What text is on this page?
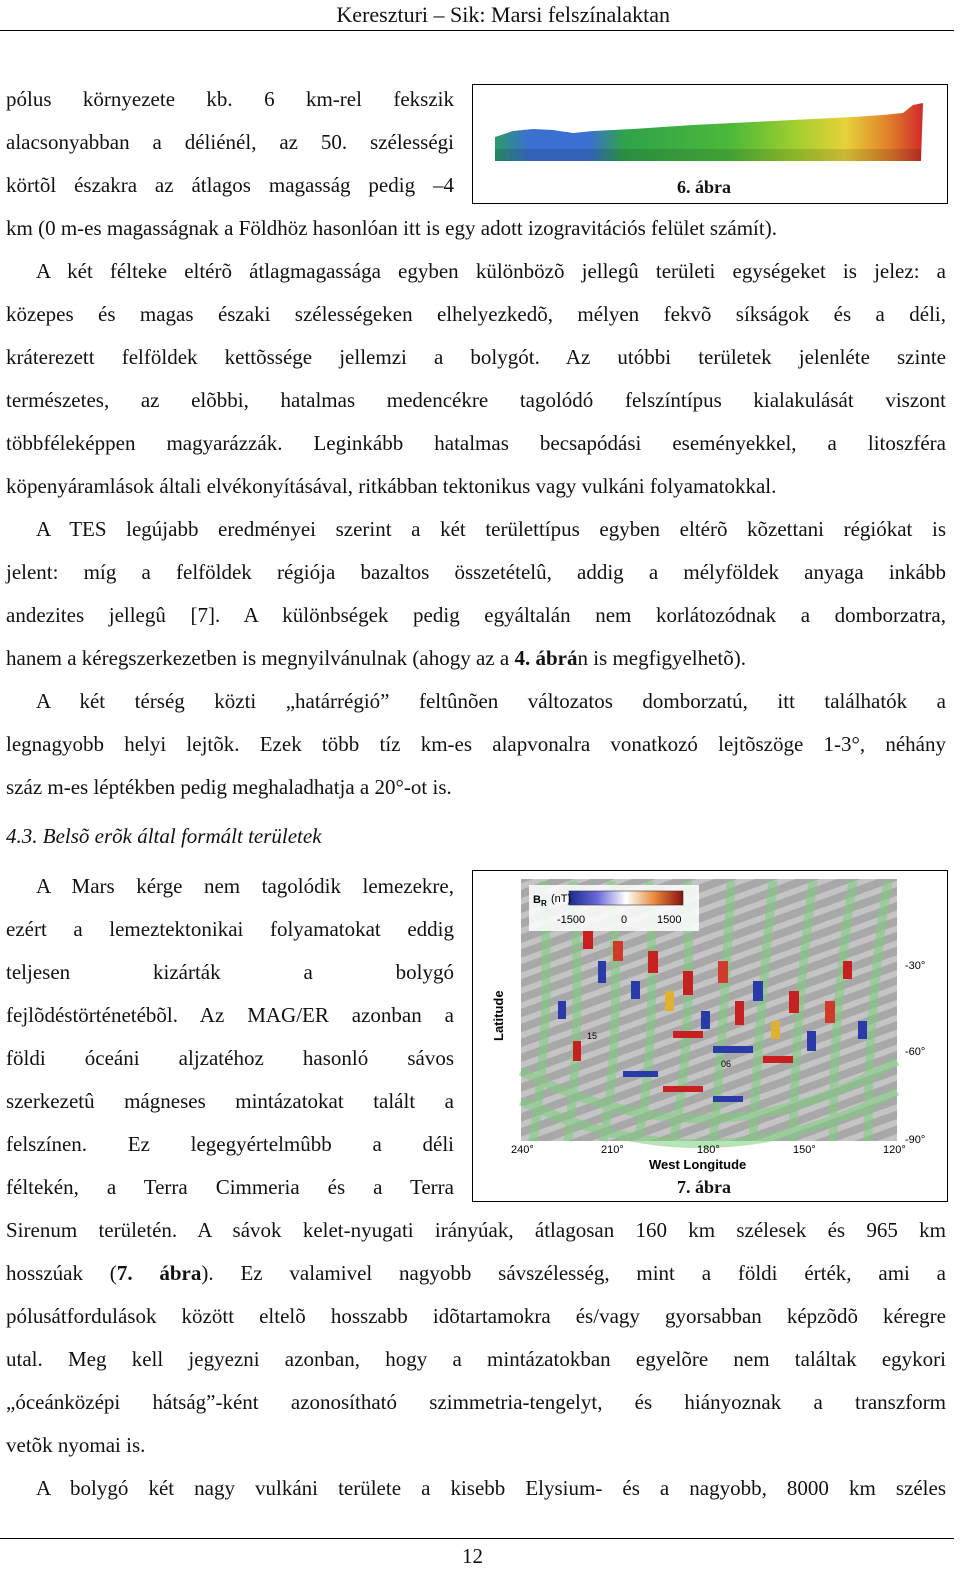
Kereszturi – Sik: Marsi felszínalaktan
6. ábra
pólus környezete kb. 6 km-rel fekszik
alacsonyabban a déliénél, az 50. szélességi
körtõl északra az átlagos magasság pedig –4
km (0 m-es magasságnak a Földhöz hasonlóan itt is egy adott izogravitációs felület számít).
A két félteke eltérõ átlagmagassága egyben különbözõ jellegû területi egységeket is jelez: a
közepes és magas északi szélességeken elhelyezkedõ, mélyen fekvõ síkságok és a déli,
kráterezett felföldek kettõssége jellemzi a bolygót. Az utóbbi területek jelenléte szinte
természetes, az elõbbi, hatalmas medencékre tagolódó felszíntípus kialakulását viszont
többféleképpen magyarázzák. Leginkább hatalmas becsapódási eseményekkel, a litoszféra
köpenyáramlások általi elvékonyításával, ritkábban tektonikus vagy vulkáni folyamatokkal.
A TES legújabb eredményei szerint a két területtípus egyben eltérõ kõzettani régiókat is
jelent: míg a felföldek régiója bazaltos összetételû, addig a mélyföldek anyaga inkább
andezites jellegû [7]. A különbségek pedig egyáltalán nem korlátozódnak a domborzatra,
hanem a kéregszerkezetben is megnyilvánulnak (ahogy az a 4. ábrán is megfigyelhetõ).
A két térség közti „határrégió” feltûnõen változatos domborzatú, itt találhatók a
legnagyobb helyi lejtõk. Ezek több tíz km-es alapvonalra vonatkozó lejtõszöge 1-3°, néhány
száz m-es léptékben pedig meghaladhatja a 20°-ot is.
4.3. Belsõ erõk által formált területek
$B_R$ (nT)
-1500	0	1500
15
06
-30°
-60°
-90°
240°	210°	180°	150°	120°
West Longitude
Latitude
7. ábra
A Mars kérge nem tagolódik lemezekre,
ezért a lemeztektonikai folyamatokat eddig
teljesen kizárták a bolygó
fejlõdéstörténetébõl. Az MAG/ER azonban a
földi óceáni aljzatéhoz hasonló sávos
szerkezetû mágneses mintázatokat talált a
felszínen. Ez legegyértelmûbb a déli
féltekén, a Terra Cimmeria és a Terra
Sirenum területén. A sávok kelet-nyugati irányúak, átlagosan 160 km szélesek és 965 km
hosszúak (7. ábra). Ez valamivel nagyobb sávszélesség, mint a földi érték, ami a
pólusátfordulások között eltelõ hosszabb idõtartamokra és/vagy gyorsabban képzõdõ kéregre
utal. Meg kell jegyezni azonban, hogy a mintázatokban egyelõre nem találtak egykori
„óceánközépi hátság”-ként azonosítható szimmetria-tengelyt, és hiányoznak a transzform
vetõk nyomai is.
A bolygó két nagy vulkáni területe a kisebb Elysium- és a nagyobb, 8000 km széles
12
